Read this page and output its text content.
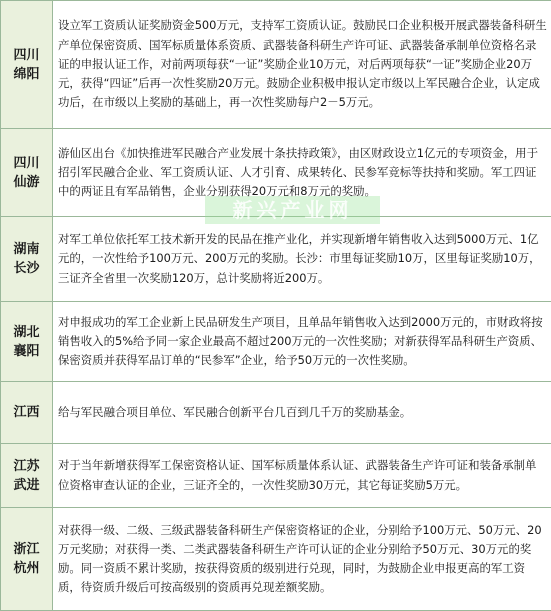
四川
绵阳	设立军工资质认证奖励资金500万元，支持军工资质认证。鼓励民口企业积极开展武器装备科研生产单位保密资质、国军标质量体系资质、武器装备科研生产许可证、武器装备承制单位资格名录证的申报认证工作，对前两项每获“一证”奖励企业10万元，对后两项每获“一证”奖励企业20万元，获得“四证”后再一次性奖励20万元。鼓励企业积极申报认定市级以上军民融合企业，认定成功后，在市级以上奖励的基础上，再一次性奖励每户2－5万元。

四川
仙游	游仙区出台《加快推进军民融合产业发展十条扶持政策》，由区财政设立1亿元的专项资金，用于招引军民融合企业、军工资质认证、人才引育、成果转化、民参军竞标等扶持和奖励。军工四证中的两证且有军品销售，企业分别获得20万元和8万元的奖励。

湖南
长沙	对军工单位依托军工技术新开发的民品在推产业化，并实现新增年销售收入达到5000万元、1亿元的，一次性给予100万元、200万元的奖励。长沙：市里每证奖励10万，区里每证奖励10万，三证齐全省里一次奖励120万，总计奖励将近200万。

湖北
襄阳	对申报成功的军工企业新上民品研发生产项目，且单品年销售收入达到2000万元的，市财政将按销售收入的5%给予同一家企业最高不超过200万元的一次性奖励；对新获得军品科研生产资质、保密资质并获得军品订单的“民参军”企业，给予50万元的一次性奖励。

江西	给与军民融合项目单位、军民融合创新平台几百到几千万的奖励基金。

江苏
武进	对于当年新增获得军工保密资格认证、国军标质量体系认证、武器装备生产许可证和装备承制单位资格审查认证的企业，三证齐全的，一次性奖励30万元，其它每证奖励5万元。

浙江
杭州	对获得一级、二级、三级武器装备科研生产保密资格证的企业，分别给予100万元、50万元、20万元奖励；对获得一类、二类武器装备科研生产许可认证的企业分别给予50万元、30万元的奖励。同一资质不累计奖励，按获得资质的级别进行兑现，同时，为鼓励企业申报更高的军工资质，待资质升级后可按高级别的资质再兑现差额奖励。
新兴产业网
